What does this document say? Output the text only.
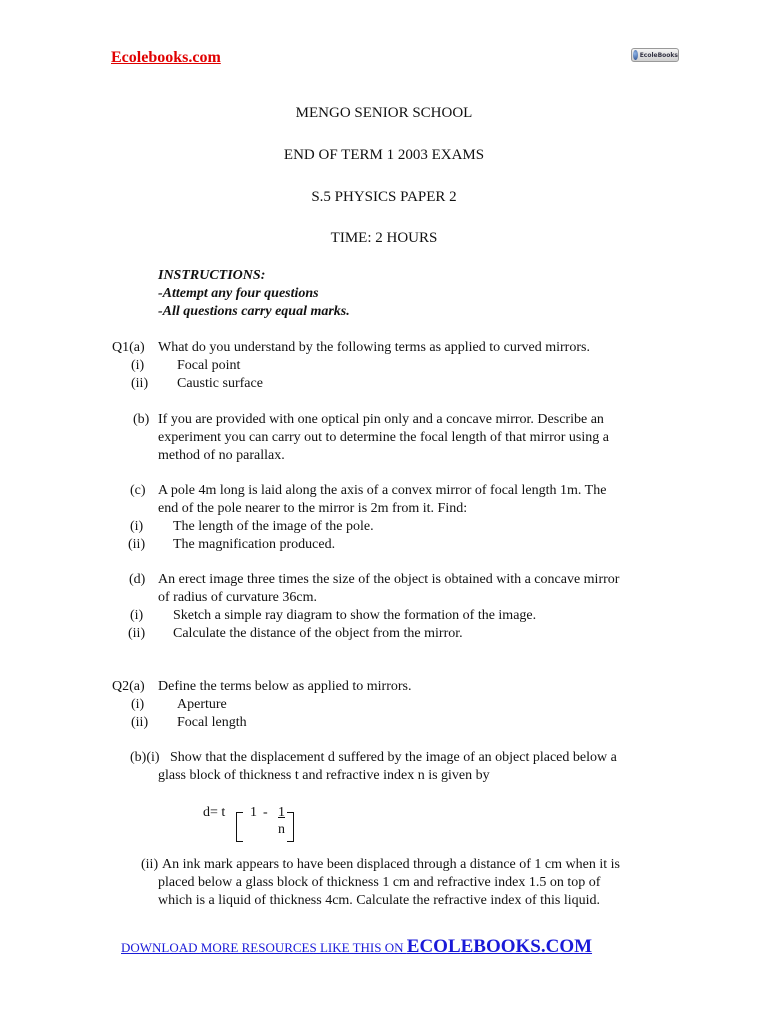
Ecolebooks.com	EcoleBooks
MENGO SENIOR SCHOOL
END OF TERM 1 2003 EXAMS
S.5 PHYSICS PAPER 2
TIME: 2 HOURS
INSTRUCTIONS:
-Attempt any four questions
-All questions carry equal marks.
Q1(a) What do you understand by the following terms as applied to curved mirrors.
(i) Focal point
(ii) Caustic surface
(b) If you are provided with one optical pin only and a concave mirror. Describe an
experiment you can carry out to determine the focal length of that mirror using a
method of no parallax.
(c) A pole 4m long is laid along the axis of a convex mirror of focal length 1m. The
end of the pole nearer to the mirror is 2m from it. Find:
(i) The length of the image of the pole.
(ii) The magnification produced.
(d) An erect image three times the size of the object is obtained with a concave mirror
of radius of curvature 36cm.
(i) Sketch a simple ray diagram to show the formation of the image.
(ii) Calculate the distance of the object from the mirror.
Q2(a) Define the terms below as applied to mirrors.
(i) Aperture
(ii) Focal length
(b)(i) Show that the displacement d suffered by the image of an object placed below a
glass block of thickness t and refractive index n is given by
d= t 1 - 1
n
(ii) An ink mark appears to have been displaced through a distance of 1 cm when it is
placed below a glass block of thickness 1 cm and refractive index 1.5 on top of
which is a liquid of thickness 4cm. Calculate the refractive index of this liquid.
DOWNLOAD MORE RESOURCES LIKE THIS ON ECOLEBOOKS.COM
